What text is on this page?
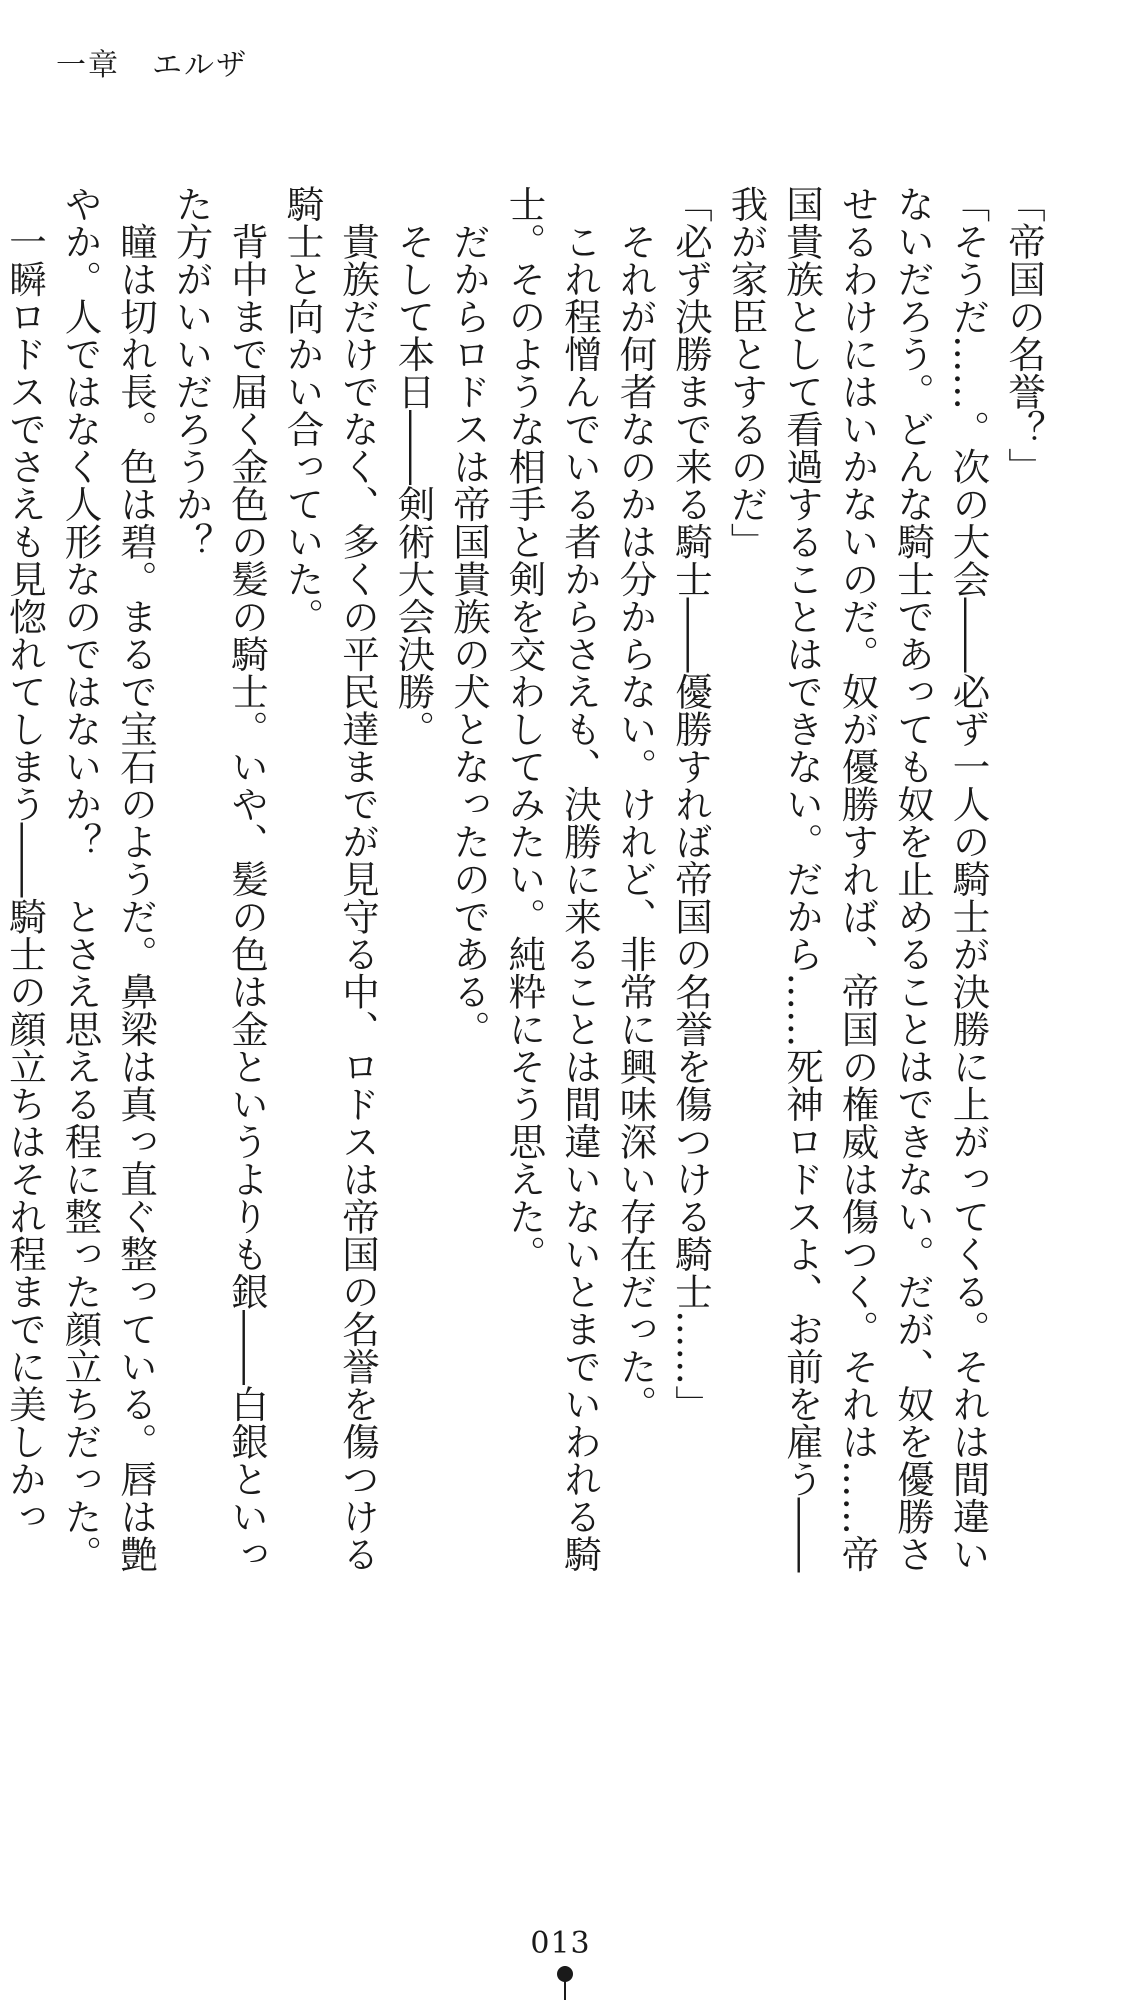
一章　エルザ

「帝国の名誉？」

「そうだ……。次の大会――必ず一人の騎士が決勝に上がってくる。それは間違いないだろう。どんな騎士であっても奴を止めることはできない。だが、奴を優勝させるわけにはいかないのだ。奴が優勝すれば、帝国の権威は傷つく。それは……帝国貴族として看過することはできない。だから……死神ロドスよ、お前を雇う――我が家臣とするのだ」

「必ず決勝まで来る騎士――優勝すれば帝国の名誉を傷つける騎士……」

　それが何者なのかは分からない。けれど、非常に興味深い存在だった。

　これ程憎んでいる者からさえも、決勝に来ることは間違いないとまでいわれる騎士。そのような相手と剣を交わしてみたい。純粋にそう思えた。

　だからロドスは帝国貴族の犬となったのである。

　そして本日――剣術大会決勝。

　貴族だけでなく、多くの平民達までが見守る中、ロドスは帝国の名誉を傷つける騎士と向かい合っていた。

　背中まで届く金色の髪の騎士。いや、髪の色は金というよりも銀――白銀といった方がいいだろうか？

　瞳は切れ長。色は碧。まるで宝石のようだ。鼻梁は真っ直ぐ整っている。唇は艶やか。人ではなく人形なのではないか？　とさえ思える程に整った顔立ちだった。

　一瞬ロドスでさえも見惚れてしまう――騎士の顔立ちはそれ程までに美しかっ

013
